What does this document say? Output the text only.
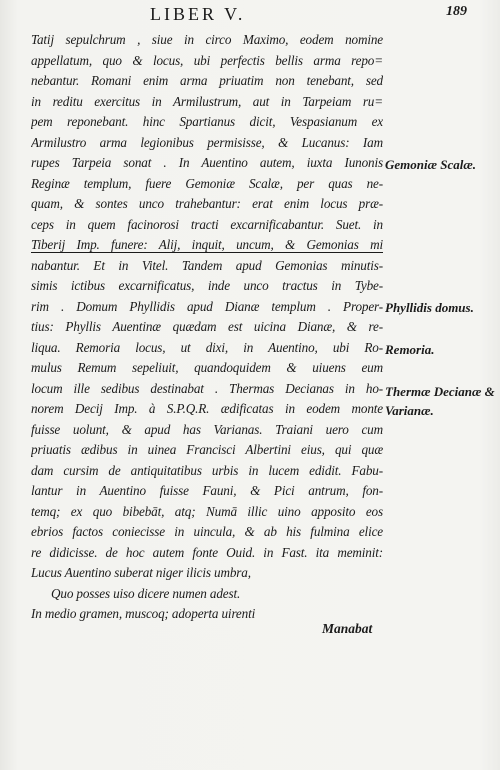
LIBER V.	189
Tatij sepulchrum , siue in circo Maximo, eodem nomine
appellatum, quo & locus, ubi perfectis bellis arma repo=
nebantur. Romani enim arma priuatim non tenebant, sed
in reditu exercitus in Armilustrum, aut in Tarpeiam ru=
pem reponebant. hinc Spartianus dicit, Vespasianum ex
Armilustro arma legionibus permisisse, & Lucanus: Iam
rupes Tarpeia sonat . In Auentino autem, iuxta Iunonis
Reginæ templum, fuere Gemoniæ Scalæ, per quas ne-
quam, & sontes unco trahebantur: erat enim locus præ-
ceps in quem facinorosi tracti excarnificabantur. Suet. in
Tiberij Imp. funere: Alij, inquit, uncum, & Gemonias mi
nabantur. Et in Vitel. Tandem apud Gemonias minutis-
simis ictibus excarnificatus, inde unco tractus in Tybe-
rim . Domum Phyllidis apud Dianæ templum . Proper-
tius: Phyllis Auentinæ quædam est uicina Dianæ, & re-
liqua. Remoria locus, ut dixi, in Auentino, ubi Ro-
mulus Remum sepeliuit, quandoquidem & uiuens eum
locum ille sedibus destinabat . Thermas Decianas in ho-
norem Decij Imp. à S.P.Q.R. ædificatas in eodem monte
fuisse uolunt, & apud has Varianas. Traiani uero cum
priuatis ædibus in uinea Francisci Albertini eius, qui quæ
dam cursim de antiquitatibus urbis in lucem edidit. Fabu-
lantur in Auentino fuisse Fauni, & Pici antrum, fon-
temq; ex quo bibebāt, atq; Numā illic uino apposito eos
ebrios factos coniecisse in uincula, & ab his fulmina elice
re didicisse. de hoc autem fonte Ouid. in Fast. ita meminit:
Lucus Auentino suberat niger ilicis umbra,
Quo posses uiso dicere numen adest.
In medio gramen, muscoq; adoperta uirenti
Gemoniæ Scalæ.
Phyllidis domus.
Remoria.
Thermæ Decianæ & Varianæ.
Manabat
